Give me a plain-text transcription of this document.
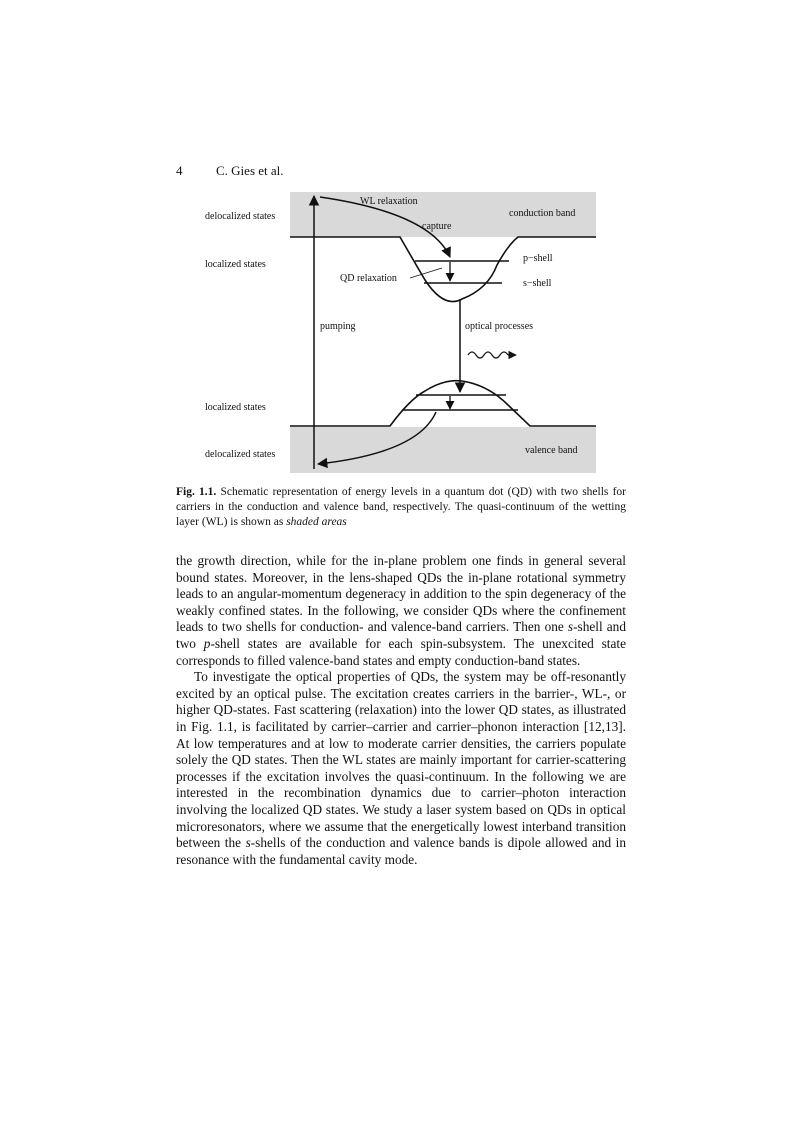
4	C. Gies et al.
delocalized states
localized states
localized states
delocalized states
conduction band
valence band
WL relaxation
capture
p−shell
s−shell
QD relaxation
pumping	optical processes
Fig. 1.1. Schematic representation of energy levels in a quantum dot (QD) with two shells for carriers in the conduction and valence band, respectively. The quasi-continuum of the wetting layer (WL) is shown as shaded areas

the growth direction, while for the in-plane problem one finds in general several bound states. Moreover, in the lens-shaped QDs the in-plane rotational symmetry leads to an angular-momentum degeneracy in addition to the spin degeneracy of the weakly confined states. In the following, we consider QDs where the confinement leads to two shells for conduction- and valence-band carriers. Then one s-shell and two p-shell states are available for each spin-subsystem. The unexcited state corresponds to filled valence-band states and empty conduction-band states.

To investigate the optical properties of QDs, the system may be off-resonantly excited by an optical pulse. The excitation creates carriers in the barrier-, WL-, or higher QD-states. Fast scattering (relaxation) into the lower QD states, as illustrated in Fig. 1.1, is facilitated by carrier–carrier and carrier–phonon interaction [12,13]. At low temperatures and at low to moderate carrier densities, the carriers populate solely the QD states. Then the WL states are mainly important for carrier-scattering processes if the excitation involves the quasi-continuum. In the following we are interested in the recombination dynamics due to carrier–photon interaction involving the localized QD states. We study a laser system based on QDs in optical microresonators, where we assume that the energetically lowest interband transition between the s-shells of the conduction and valence bands is dipole allowed and in resonance with the fundamental cavity mode.
